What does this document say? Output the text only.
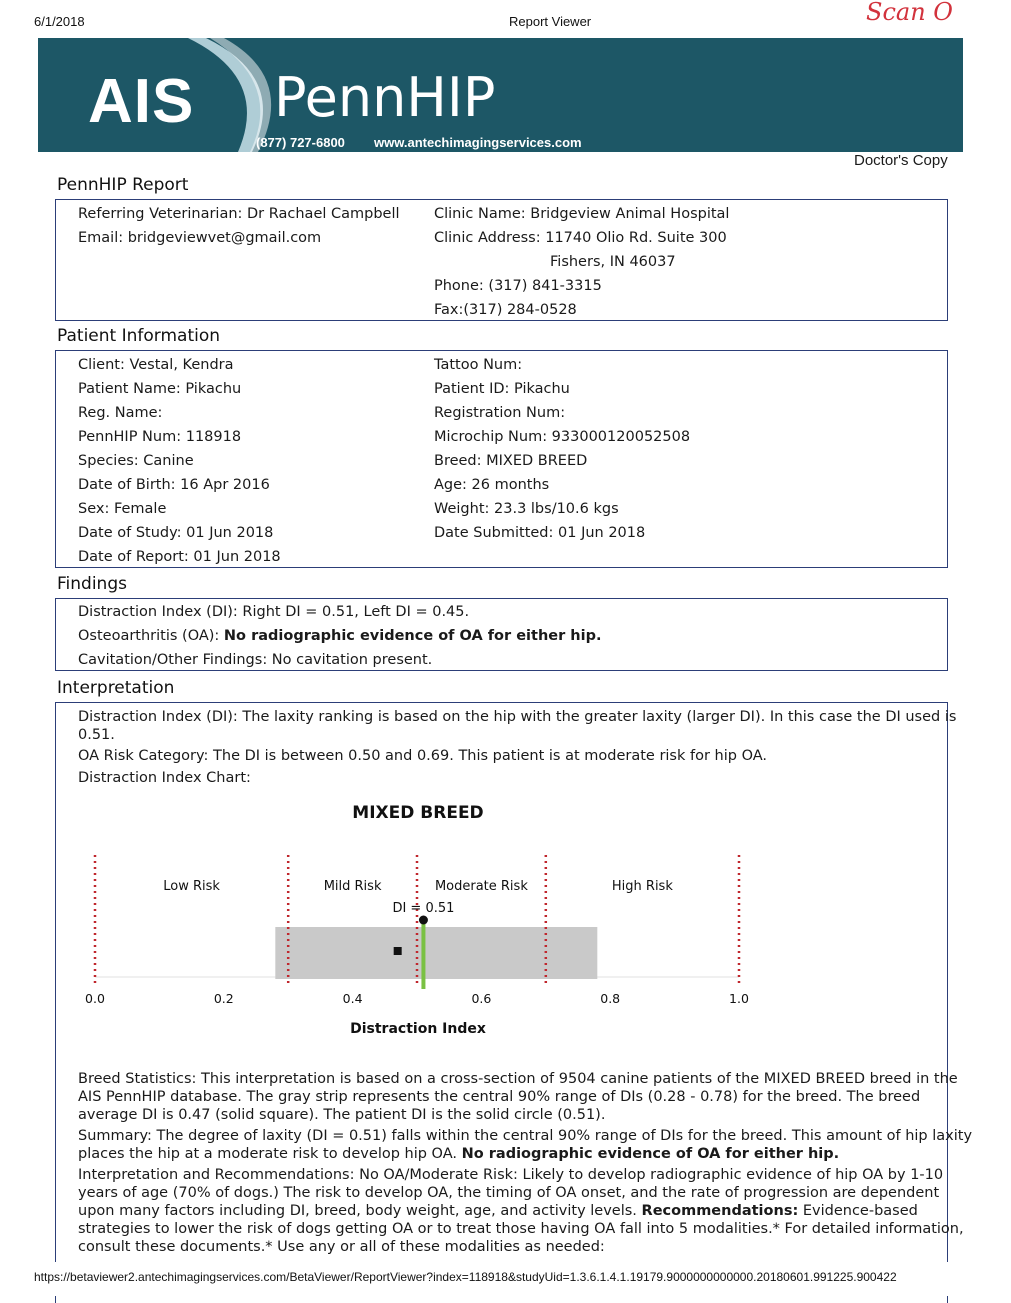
6/1/2018	Report Viewer	Scan O
AIS PennHIP
(877) 727-6800 www.antechimagingservices.com
Doctor's Copy
PennHIP Report
Referring Veterinarian: Dr Rachael Campbell
Email: bridgeviewvet@gmail.com
Clinic Name: Bridgeview Animal Hospital
Clinic Address: 11740 Olio Rd. Suite 300
Fishers, IN 46037
Phone: (317) 841-3315
Fax:(317) 284-0528
Patient Information
Client: Vestal, Kendra
Patient Name: Pikachu
Reg. Name:
PennHIP Num: 118918
Species: Canine
Date of Birth: 16 Apr 2016
Sex: Female
Date of Study: 01 Jun 2018
Date of Report: 01 Jun 2018
Tattoo Num:
Patient ID: Pikachu
Registration Num:
Microchip Num: 933000120052508
Breed: MIXED BREED
Age: 26 months
Weight: 23.3 lbs/10.6 kgs
Date Submitted: 01 Jun 2018
Findings
Distraction Index (DI): Right DI = 0.51, Left DI = 0.45.
Osteoarthritis (OA): No radiographic evidence of OA for either hip.
Cavitation/Other Findings: No cavitation present.
Interpretation
Distraction Index (DI): The laxity ranking is based on the hip with the greater laxity (larger DI). In this case the DI used is
0.51.
OA Risk Category: The DI is between 0.50 and 0.69. This patient is at moderate risk for hip OA.
Distraction Index Chart:
MIXED BREED
Low Risk	Mild Risk	Moderate Risk	High Risk
0.0	0.2	0.4	0.6	0.8	1.0
DI = 0.51
Distraction Index
Breed Statistics: This interpretation is based on a cross-section of 9504 canine patients of the MIXED BREED breed in the
AIS PennHIP database. The gray strip represents the central 90% range of DIs (0.28 - 0.78) for the breed. The breed
average DI is 0.47 (solid square). The patient DI is the solid circle (0.51).
Summary: The degree of laxity (DI = 0.51) falls within the central 90% range of DIs for the breed. This amount of hip laxity
places the hip at a moderate risk to develop hip OA. No radiographic evidence of OA for either hip.
Interpretation and Recommendations: No OA/Moderate Risk: Likely to develop radiographic evidence of hip OA by 1-10
years of age (70% of dogs.) The risk to develop OA, the timing of OA onset, and the rate of progression are dependent
upon many factors including DI, breed, body weight, age, and activity levels. Recommendations: Evidence-based
strategies to lower the risk of dogs getting OA or to treat those having OA fall into 5 modalities.* For detailed information,
consult these documents.* Use any or all of these modalities as needed:
https://betaviewer2.antechimagingservices.com/BetaViewer/ReportViewer?index=118918&studyUid=1.3.6.1.4.1.19179.9000000000000.20180601.991225.900422
